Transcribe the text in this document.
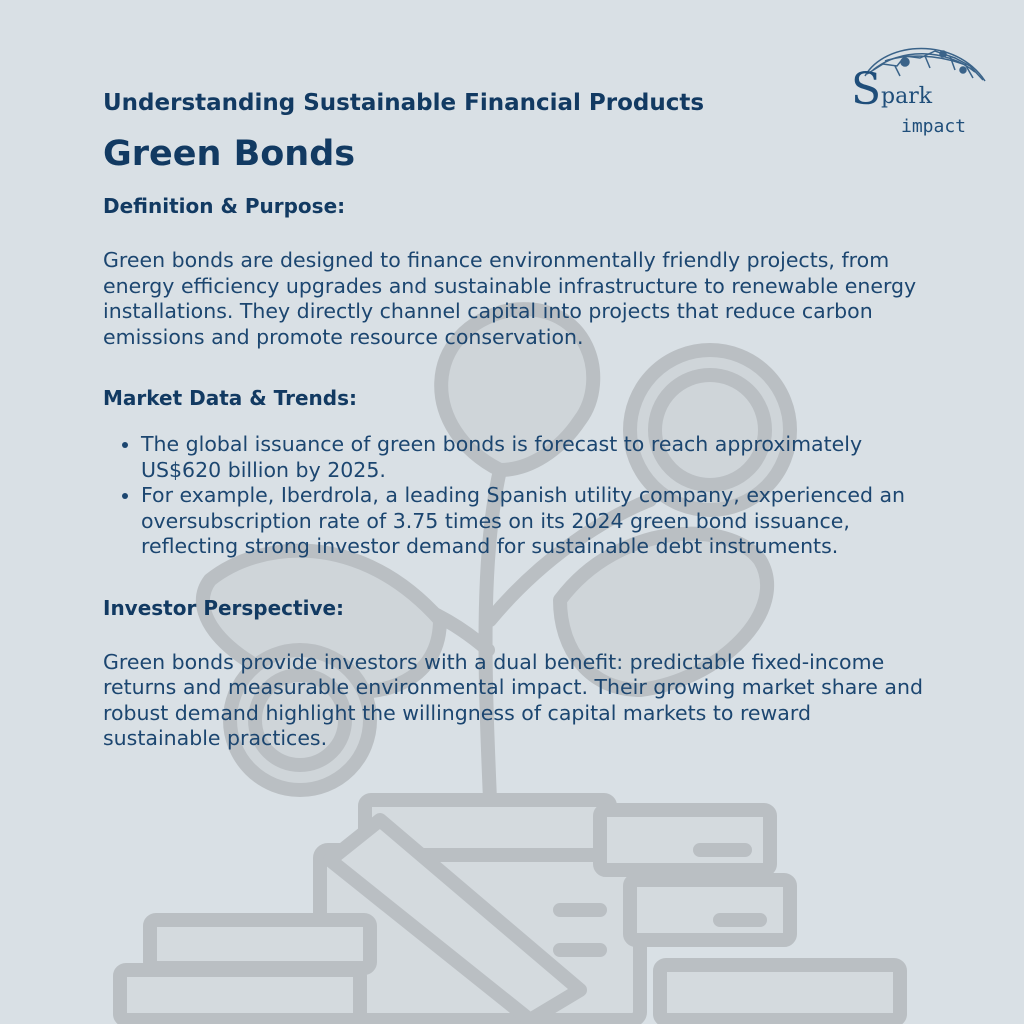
S park
impact
Understanding Sustainable Financial Products
Green Bonds
Definition & Purpose:

Green bonds are designed to finance environmentally friendly projects, from energy efficiency upgrades and sustainable infrastructure to renewable energy installations. They directly channel capital into projects that reduce carbon emissions and promote resource conservation.

Market Data & Trends:
• The global issuance of green bonds is forecast to reach approximately US$620 billion by 2025.
• For example, Iberdrola, a leading Spanish utility company, experienced an oversubscription rate of 3.75 times on its 2024 green bond issuance, reflecting strong investor demand for sustainable debt instruments.
Investor Perspective:

Green bonds provide investors with a dual benefit: predictable fixed-income returns and measurable environmental impact. Their growing market share and robust demand highlight the willingness of capital markets to reward sustainable practices.
